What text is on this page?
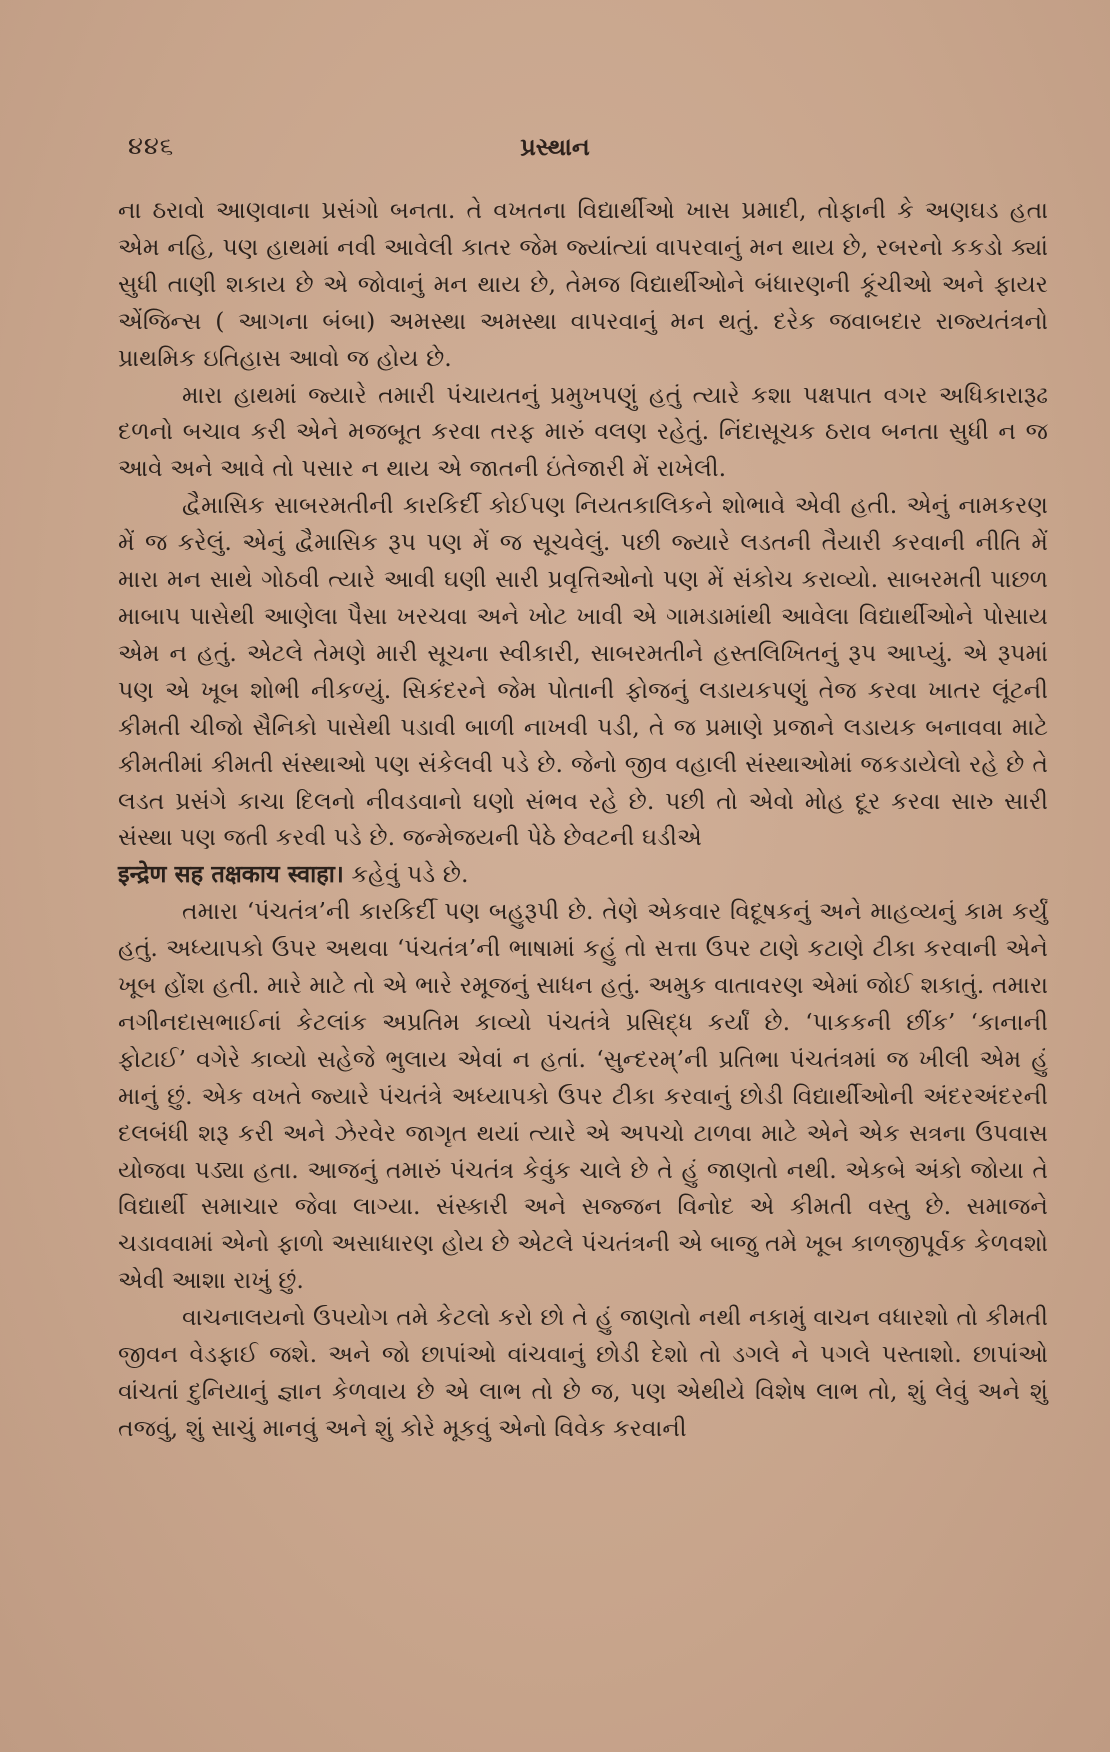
૪૪૬	પ્રસ્થાન

ના ઠરાવો આણવાના પ્રસંગો બનતા. તે વખતના વિદ્યાર્થીઓ ખાસ પ્રમાદી, તોફાની કે અણઘડ હતા એમ નહિ, પણ હાથમાં નવી આવેલી કાતર જેમ જ્યાંત્યાં વાપરવાનું મન થાય છે, રબરનો કકડો ક્યાં સુધી તાણી શકાય છે એ જોવાનું મન થાય છે, તેમજ વિદ્યાર્થીઓને બંધારણની કૂંચીઓ અને ફાયર એંજિન્સ ( આગના બંબા) અમસ્થા અમસ્થા વાપરવાનું મન થતું. દરેક જવાબદાર રાજ્યતંત્રનો પ્રાથમિક ઇતિહાસ આવો જ હોય છે.

મારા હાથમાં જ્યારે તમારી પંચાયતનું પ્રમુખપણું હતું ત્યારે કશા પક્ષપાત વગર અધિકારારૂઢ દળનો બચાવ કરી એને મજબૂત કરવા તરફ મારું વલણ રહેતું. નિંદાસૂચક ઠરાવ બનતા સુધી ન જ આવે અને આવે તો પસાર ન થાય એ જાતની ઇંતેજારી મેં રાખેલી.

દ્વૈમાસિક સાબરમતીની કારકિર્દી કોઈપણ નિયતકાલિકને શોભાવે એવી હતી. એનું નામકરણ મેં જ કરેલું. એનું દ્વૈમાસિક રૂપ પણ મેં જ સૂચવેલું. પછી જ્યારે લડતની તૈયારી કરવાની નીતિ મેં મારા મન સાથે ગોઠવી ત્યારે આવી ઘણી સારી પ્રવૃત્તિઓનો પણ મેં સંકોચ કરાવ્યો. સાબરમતી પાછળ માબાપ પાસેથી આણેલા પૈસા ખરચવા અને ખોટ ખાવી એ ગામડામાંથી આવેલા વિદ્યાર્થીઓને પોસાય એમ ન હતું. એટલે તેમણે મારી સૂચના સ્વીકારી, સાબરમતીને હસ્તલિખિતનું રૂપ આપ્યું. એ રૂપમાં પણ એ ખૂબ શોભી નીકળ્યું. સિકંદરને જેમ પોતાની ફોજનું લડાયકપણું તેજ કરવા ખાતર લૂંટની કીમતી ચીજો સૈનિકો પાસેથી પડાવી બાળી નાખવી પડી, તે જ પ્રમાણે પ્રજાને લડાયક બનાવવા માટે કીમતીમાં કીમતી સંસ્થાઓ પણ સંકેલવી પડે છે. જેનો જીવ વહાલી સંસ્થાઓમાં જકડાયેલો રહે છે તે લડત પ્રસંગે કાચા દિલનો નીવડવાનો ઘણો સંભવ રહે છે. પછી તો એવો મોહ દૂર કરવા સારુ સારી સંસ્થા પણ જતી કરવી પડે છે. જન્મેજયની પેઠે છેવટની ઘડીએ

इन्द्रेण सह तक्षकाय स्वाहा। કહેવું પડે છે.

તમારા ‘પંચતંત્ર’ની કારકિર્દી પણ બહુરૂપી છે. તેણે એકવાર વિદૂષકનું અને માહવ્યનું કામ કર્યું હતું. અધ્યાપકો ઉપર અથવા ‘પંચતંત્ર’ની ભાષામાં કહું તો સત્તા ઉપર ટાણે કટાણે ટીકા કરવાની એને ખૂબ હોંશ હતી. મારે માટે તો એ ભારે રમૂજનું સાધન હતું. અમુક વાતાવરણ એમાં જોઈ શકાતું. તમારા નગીનદાસભાઈનાં કેટલાંક અપ્રતિમ કાવ્યો પંચતંત્રે પ્રસિદ્ધ કર્યાં છે. ‘પાકકની છીંક’ ‘કાનાની ફોટાઈ’ વગેરે કાવ્યો સહેજે ભુલાય એવાં ન હતાં. ‘સુન્દરમ્’ની પ્રતિભા પંચતંત્રમાં જ ખીલી એમ હું માનું છું. એક વખતે જ્યારે પંચતંત્રે અધ્યાપકો ઉપર ટીકા કરવાનું છોડી વિદ્યાર્થીઓની અંદરઅંદરની દલબંધી શરૂ કરી અને ઝેરવેર જાગૃત થયાં ત્યારે એ અપચો ટાળવા માટે એને એક સત્રના ઉપવાસ યોજવા પડ્યા હતા. આજનું તમારું પંચતંત્ર કેવુંક ચાલે છે તે હું જાણતો નથી. એકબે અંકો જોયા તે વિદ્યાર્થી સમાચાર જેવા લાગ્યા. સંસ્કારી અને સજ્જન વિનોદ એ કીમતી વસ્તુ છે. સમાજને ચડાવવામાં એનો ફાળો અસાધારણ હોય છે એટલે પંચતંત્રની એ બાજુ તમે ખૂબ કાળજીપૂર્વક કેળવશો એવી આશા રાખું છું.

વાચનાલયનો ઉપયોગ તમે કેટલો કરો છો તે હું જાણતો નથી નકામું વાચન વધારશો તો કીમતી જીવન વેડફાઈ જશે. અને જો છાપાંઓ વાંચવાનું છોડી દેશો તો ડગલે ને પગલે પસ્તાશો. છાપાંઓ વાંચતાં દુનિયાનું જ્ઞાન કેળવાય છે એ લાભ તો છે જ, પણ એથીયે વિશેષ લાભ તો, શું લેવું અને શું તજવું, શું સાચું માનવું અને શું કોરે મૂકવું એનો વિવેક કરવાની
